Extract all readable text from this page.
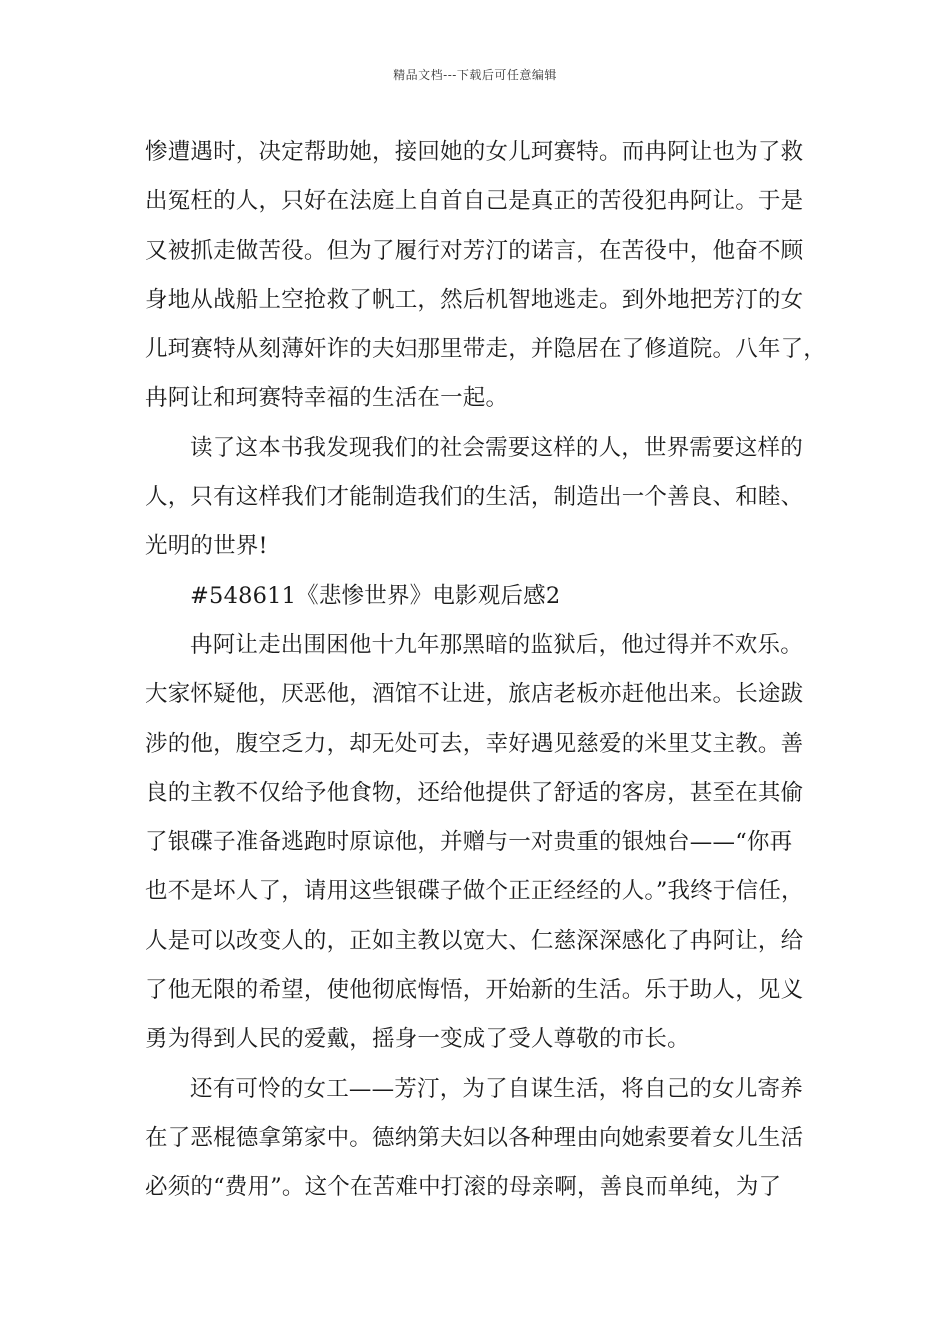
精品文档---下载后可任意编辑
惨遭遇时，决定帮助她，接回她的女儿珂赛特。而冉阿让也为了救
出冤枉的人，只好在法庭上自首自己是真正的苦役犯冉阿让。于是
又被抓走做苦役。但为了履行对芳汀的诺言，在苦役中，他奋不顾
身地从战船上空抢救了帆工，然后机智地逃走。到外地把芳汀的女
儿珂赛特从刻薄奸诈的夫妇那里带走，并隐居在了修道院。八年了，
冉阿让和珂赛特幸福的生活在一起。
读了这本书我发现我们的社会需要这样的人，世界需要这样的
人，只有这样我们才能制造我们的生活，制造出一个善良、和睦、
光明的世界!
#548611《悲惨世界》电影观后感2
冉阿让走出围困他十九年那黑暗的监狱后，他过得并不欢乐。
大家怀疑他，厌恶他，酒馆不让进，旅店老板亦赶他出来。长途跋
涉的他，腹空乏力，却无处可去，幸好遇见慈爱的米里艾主教。善
良的主教不仅给予他食物，还给他提供了舒适的客房，甚至在其偷
了银碟子准备逃跑时原谅他，并赠与一对贵重的银烛台——“你再
也不是坏人了，请用这些银碟子做个正正经经的人。”我终于信任，
人是可以改变人的，正如主教以宽大、仁慈深深感化了冉阿让，给
了他无限的希望，使他彻底悔悟，开始新的生活。乐于助人，见义
勇为得到人民的爱戴，摇身一变成了受人尊敬的市长。
还有可怜的女工——芳汀，为了自谋生活，将自己的女儿寄养
在了恶棍德拿第家中。德纳第夫妇以各种理由向她索要着女儿生活
必须的“费用”。这个在苦难中打滚的母亲啊，善良而单纯，为了
